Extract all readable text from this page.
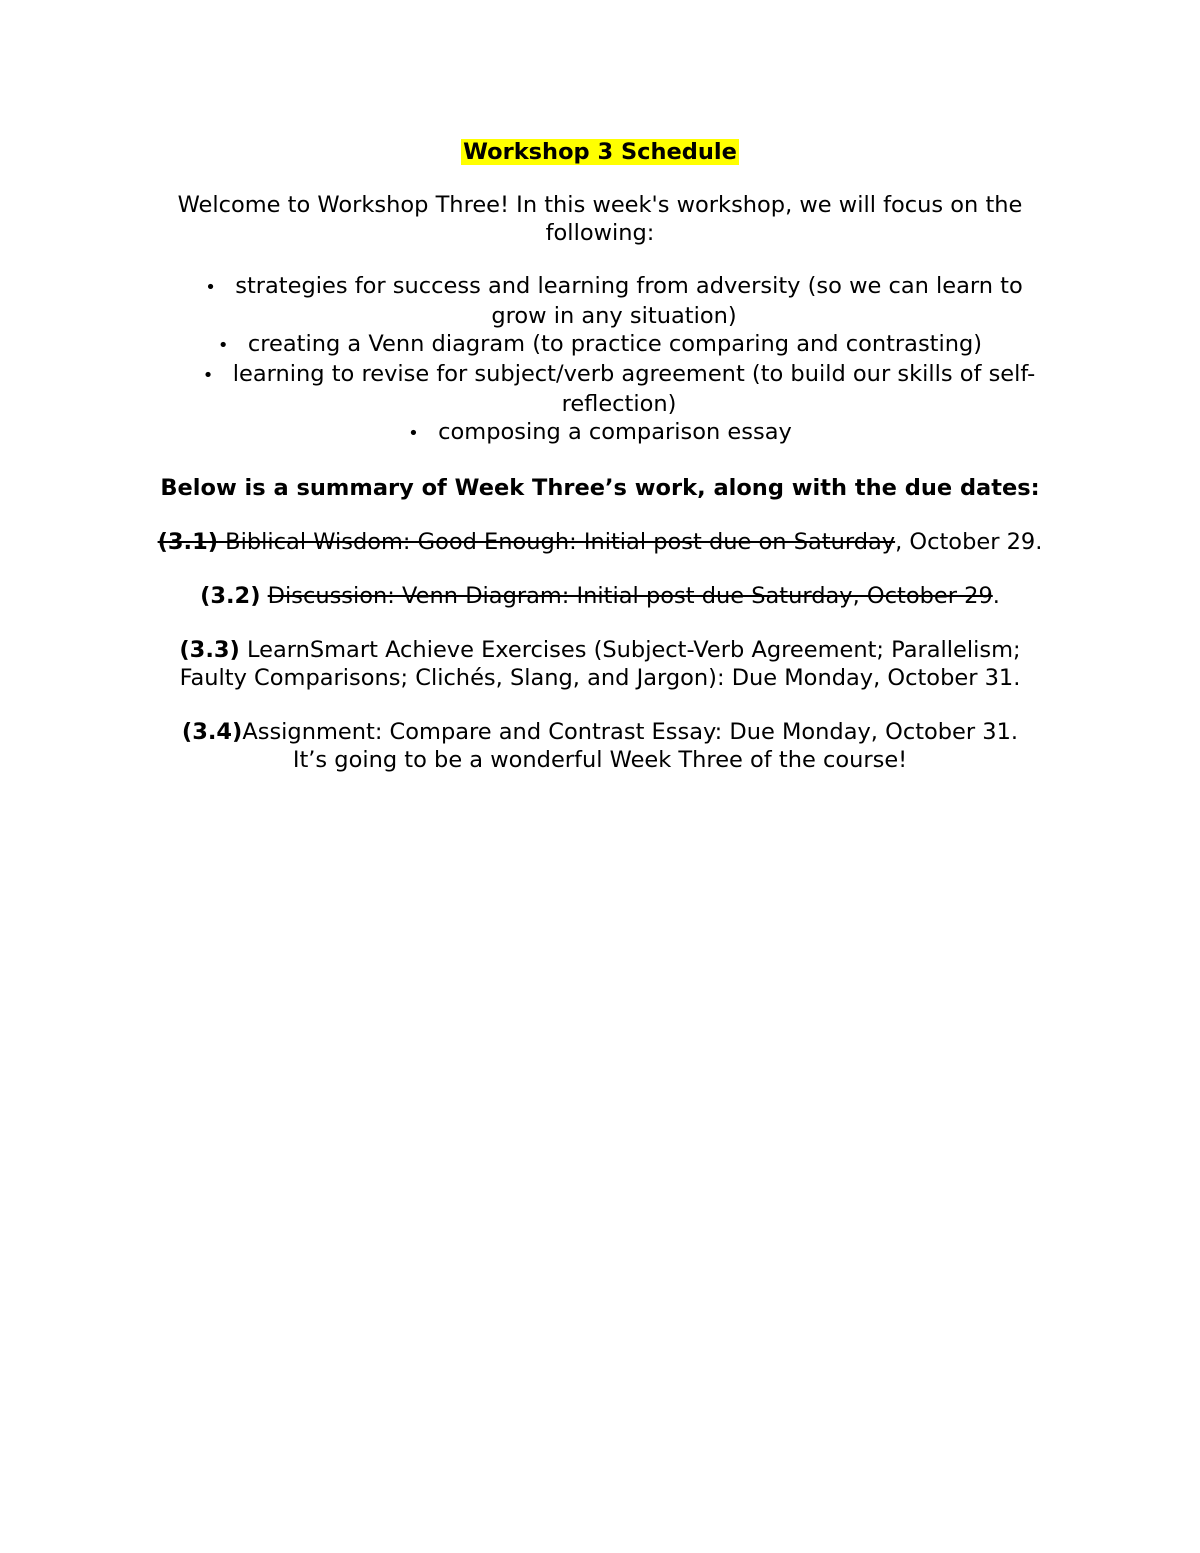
Workshop 3 Schedule

Welcome to Workshop Three! In this week's workshop, we will focus on the following:

• strategies for success and learning from adversity (so we can learn to grow in any situation)
• creating a Venn diagram (to practice comparing and contrasting)
• learning to revise for subject/verb agreement (to build our skills of self-reflection)
• composing a comparison essay

Below is a summary of Week Three’s work, along with the due dates:

(3.1) Biblical Wisdom: Good Enough: Initial post due on Saturday, October 29.

(3.2) Discussion: Venn Diagram: Initial post due Saturday, October 29.

(3.3) LearnSmart Achieve Exercises (Subject-Verb Agreement; Parallelism; Faulty Comparisons; Clichés, Slang, and Jargon): Due Monday, October 31.

(3.4)Assignment: Compare and Contrast Essay: Due Monday, October 31.
It’s going to be a wonderful Week Three of the course!
